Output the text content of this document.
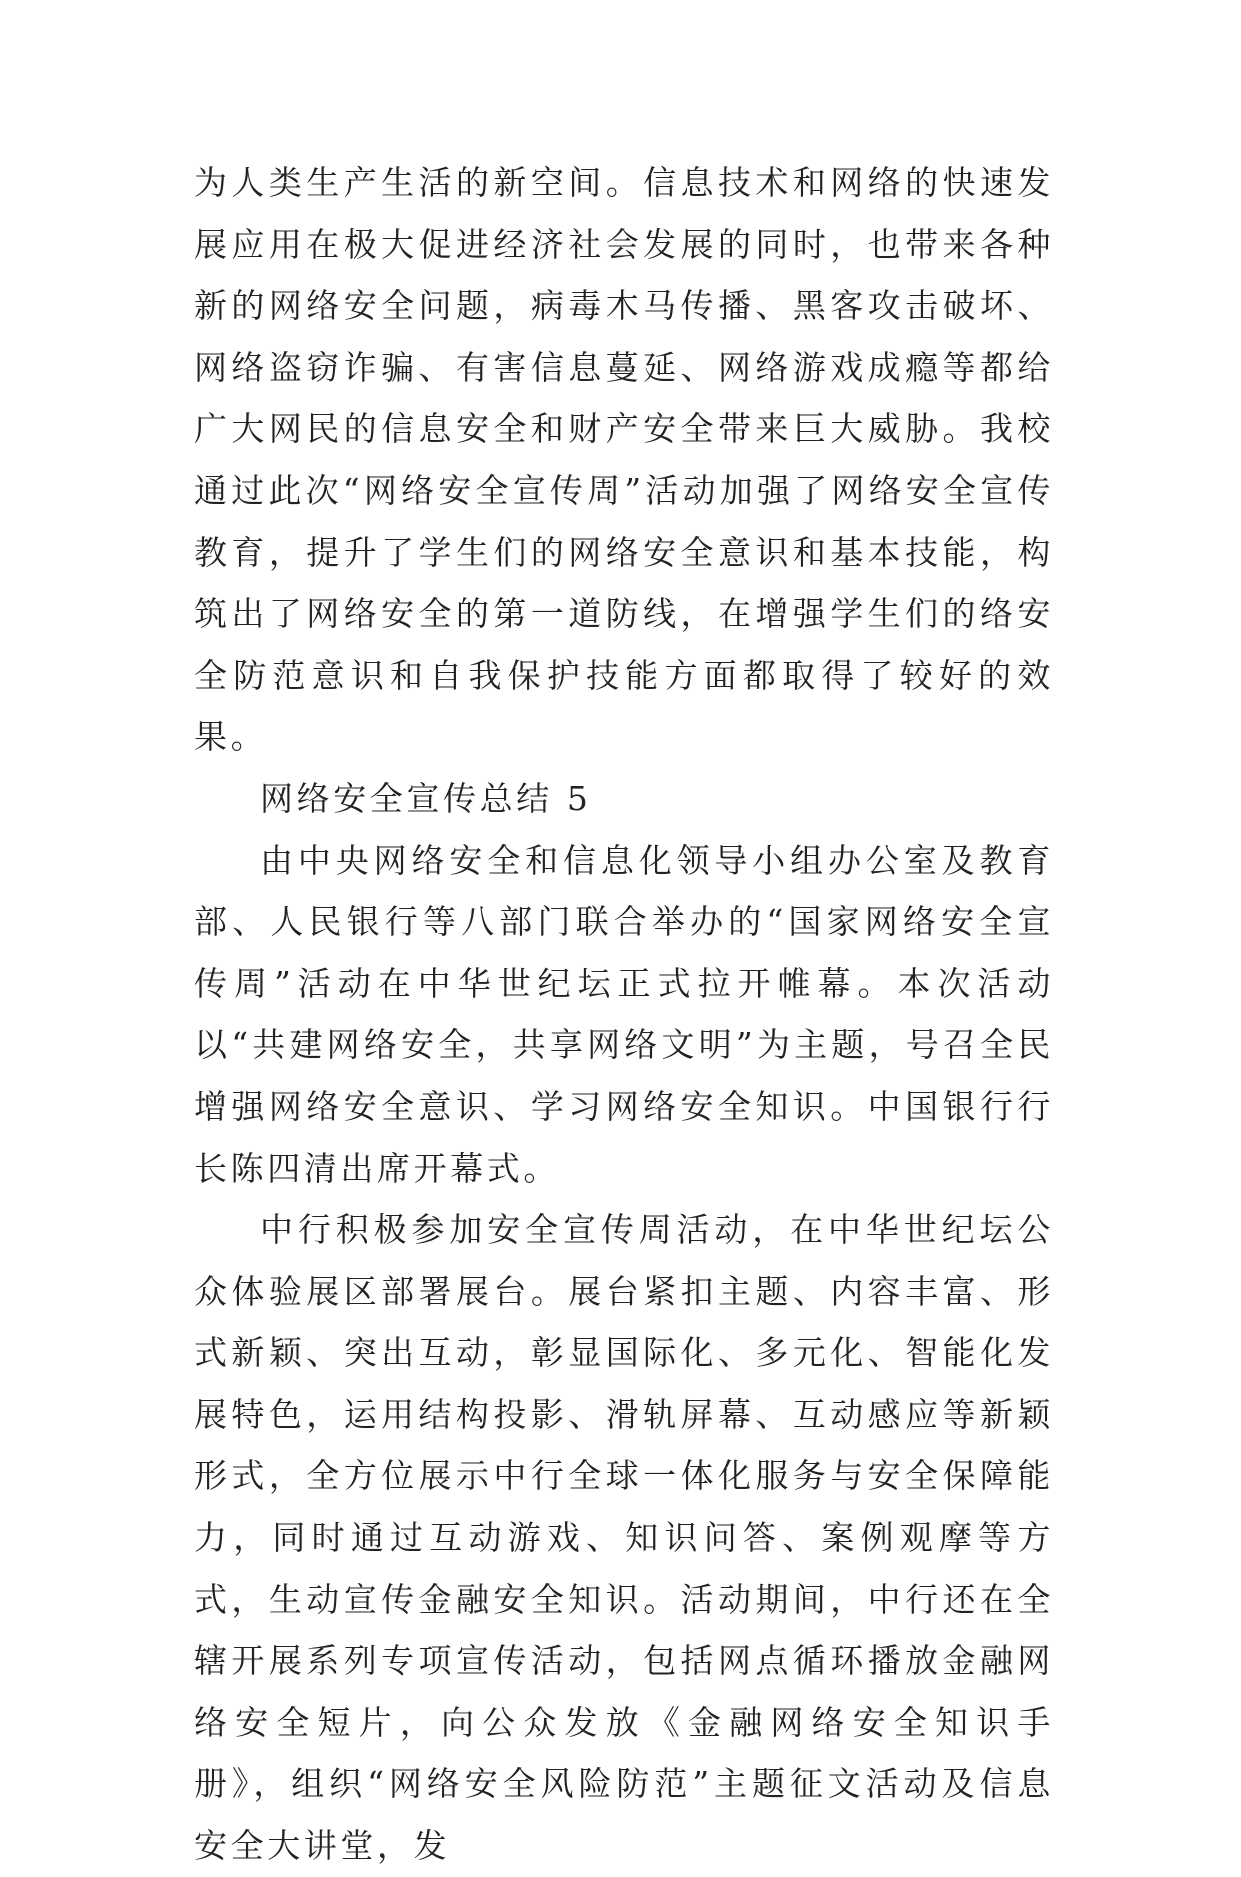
为人类生产生活的新空间。信息技术和网络的快速发展应用在极大促进经济社会发展的同时，也带来各种新的网络安全问题，病毒木马传播、黑客攻击破坏、网络盗窃诈骗、有害信息蔓延、网络游戏成瘾等都给广大网民的信息安全和财产安全带来巨大威胁。我校通过此次“网络安全宣传周”活动加强了网络安全宣传教育，提升了学生们的网络安全意识和基本技能，构筑出了网络安全的第一道防线，在增强学生们的络安全防范意识和自我保护技能方面都取得了较好的效果。

网络安全宣传总结 5

由中央网络安全和信息化领导小组办公室及教育部、人民银行等八部门联合举办的“国家网络安全宣传周”活动在中华世纪坛正式拉开帷幕。本次活动以“共建网络安全，共享网络文明”为主题，号召全民增强网络安全意识、学习网络安全知识。中国银行行长陈四清出席开幕式。

中行积极参加安全宣传周活动，在中华世纪坛公众体验展区部署展台。展台紧扣主题、内容丰富、形式新颖、突出互动，彰显国际化、多元化、智能化发展特色，运用结构投影、滑轨屏幕、互动感应等新颖形式，全方位展示中行全球一体化服务与安全保障能力，同时通过互动游戏、知识问答、案例观摩等方式，生动宣传金融安全知识。活动期间，中行还在全辖开展系列专项宣传活动，包括网点循环播放金融网络安全短片，向公众发放《金融网络安全知识手册》，组织“网络安全风险防范”主题征文活动及信息安全大讲堂，发
